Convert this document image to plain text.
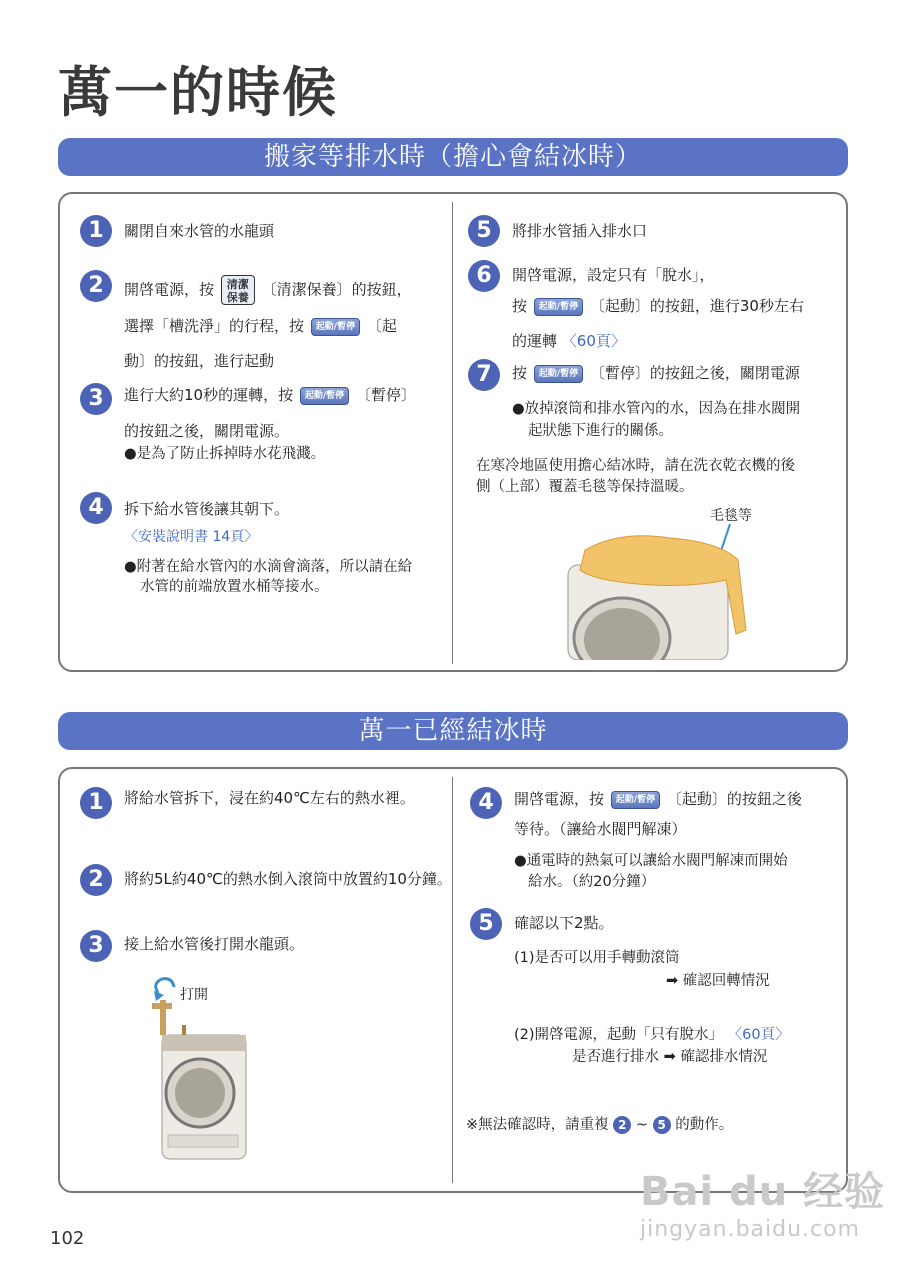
萬一的時候
搬家等排水時（擔心會結冰時）
1	關閉自來水管的水龍頭
2	開啓電源，按 清潔
保養 〔清潔保養〕的按鈕，
選擇「槽洗淨」的行程，按 起動/暫停 〔起
動〕的按鈕，進行起動
3	進行大約10秒的運轉，按 起動/暫停 〔暫停〕
的按鈕之後，關閉電源。
●是為了防止拆掉時水花飛濺。
4	拆下給水管後讓其朝下。
〈安裝說明書 14頁〉
●附著在給水管內的水滴會滴落，所以請在給
水管的前端放置水桶等接水。
5	將排水管插入排水口
6	開啓電源，設定只有「脫水」，
按 起動/暫停 〔起動〕的按鈕，進行30秒左右
的運轉 〈60頁〉
7	按 起動/暫停 〔暫停〕的按鈕之後，關閉電源
●放掉滾筒和排水管內的水，因為在排水閥開
起狀態下進行的關係。
在寒冷地區使用擔心結冰時，請在洗衣乾衣機的後
側（上部）覆蓋毛毯等保持溫暖。
毛毯等
萬一已經結冰時
1	將給水管拆下，浸在約40℃左右的熱水裡。
2	將約5L約40℃的熱水倒入滾筒中放置約10分鐘。
3	接上給水管後打開水龍頭。
打開
4	開啓電源，按 起動/暫停 〔起動〕的按鈕之後
等待。（讓給水閥門解凍）
●通電時的熱氣可以讓給水閥門解凍而開始
給水。（約20分鐘）
5	確認以下2點。
(1)是否可以用手轉動滾筒
➡ 確認回轉情況
(2)開啓電源，起動「只有脫水」 〈60頁〉
是否進行排水 ➡ 確認排水情況
※無法確認時，請重複 2 ~ 5 的動作。
102
Bai du 经验
jingyan.baidu.com
